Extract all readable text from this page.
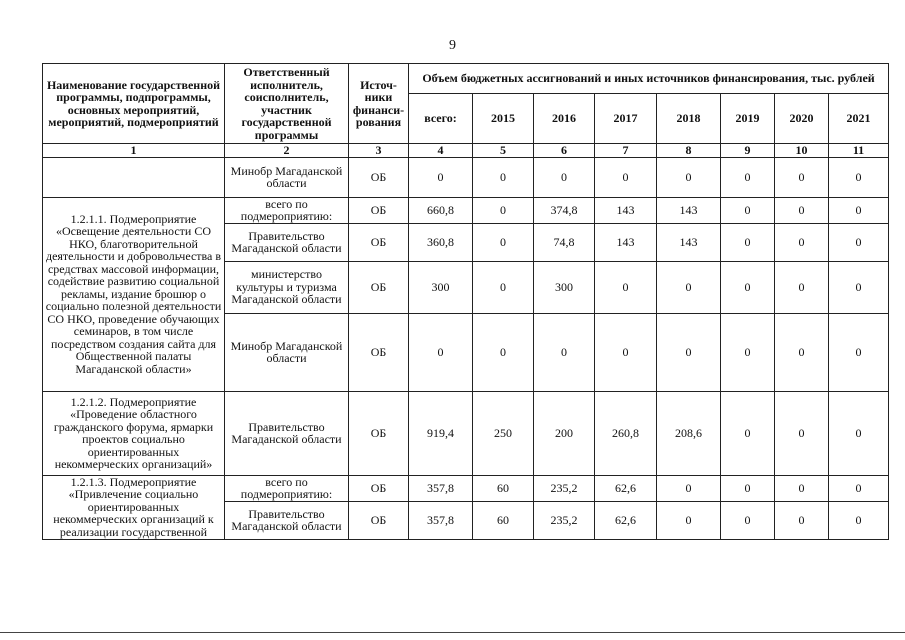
9
Наименование государственной программы, подпрограммы, основных мероприятий, мероприятий, подмероприятий	Ответственный исполнитель, соисполнитель, участник государственной программы	Источ-ники финанси-рования	Объем бюджетных ассигнований и иных источников финансирования, тыс. рублей							
			всего:	2015	2016	2017	2018	2019	2020	2021
1	2	3	4	5	6	7	8	9	10	11
	Минобр Магаданской области	ОБ	0	0	0	0	0	0	0	0
1.2.1.1. Подмероприятие «Освещение деятельности СО НКО, благотворительной деятельности и добровольчества в средствах массовой информации, содействие развитию социальной рекламы, издание брошюр о социально полезной деятельности СО НКО, проведение обучающих семинаров, в том числе посредством создания сайта для Общественной палаты Магаданской области»	всего по подмероприятию:	ОБ	660,8	0	374,8	143	143	0	0	0
	Правительство Магаданской области	ОБ	360,8	0	74,8	143	143	0	0	0
	министерство культуры и туризма Магаданской области	ОБ	300	0	300	0	0	0	0	0
	Минобр Магаданской области	ОБ	0	0	0	0	0	0	0	0
1.2.1.2. Подмероприятие «Проведение областного гражданского форума, ярмарки проектов социально ориентированных некоммерческих организаций»	Правительство Магаданской области	ОБ	919,4	250	200	260,8	208,6	0	0	0
1.2.1.3. Подмероприятие «Привлечение социально ориентированных некоммерческих организаций к реализации государственной	всего по подмероприятию:	ОБ	357,8	60	235,2	62,6	0	0	0	0
	Правительство Магаданской области	ОБ	357,8	60	235,2	62,6	0	0	0	0
